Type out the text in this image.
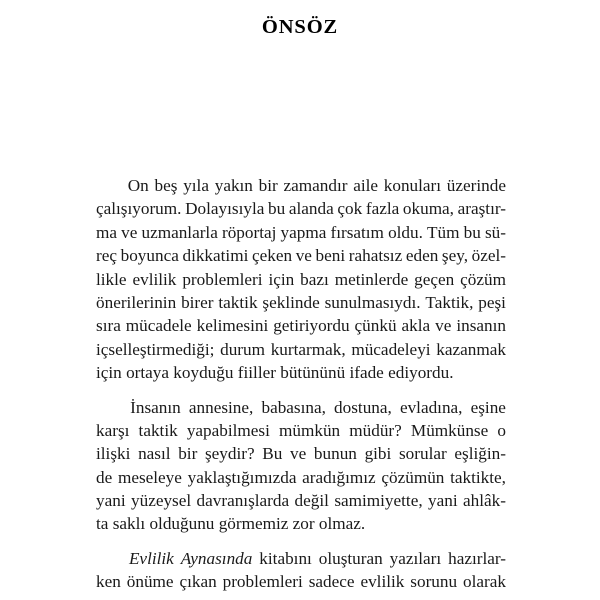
ÖNSÖZ
On beş yıla yakın bir zamandır aile konuları üzerinde
çalışıyorum. Dolayısıyla bu alanda çok fazla okuma, araştır-
ma ve uzmanlarla röportaj yapma fırsatım oldu. Tüm bu sü-
reç boyunca dikkatimi çeken ve beni rahatsız eden şey, özel-
likle evlilik problemleri için bazı metinlerde geçen çözüm
önerilerinin birer taktik şeklinde sunulmasıydı. Taktik, peşi
sıra mücadele kelimesini getiriyordu çünkü akla ve insanın
içselleştirmediği; durum kurtarmak, mücadeleyi kazanmak
için ortaya koyduğu fiiller bütününü ifade ediyordu.
İnsanın annesine, babasına, dostuna, evladına, eşine
karşı taktik yapabilmesi mümkün müdür? Mümkünse o
ilişki nasıl bir şeydir? Bu ve bunun gibi sorular eşliğin-
de meseleye yaklaştığımızda aradığımız çözümün taktikte,
yani yüzeysel davranışlarda değil samimiyette, yani ahlâk-
ta saklı olduğunu görmemiz zor olmaz.
Evlilik Aynasında kitabını oluşturan yazıları hazırlar-
ken önüme çıkan problemleri sadece evlilik sorunu olarak
